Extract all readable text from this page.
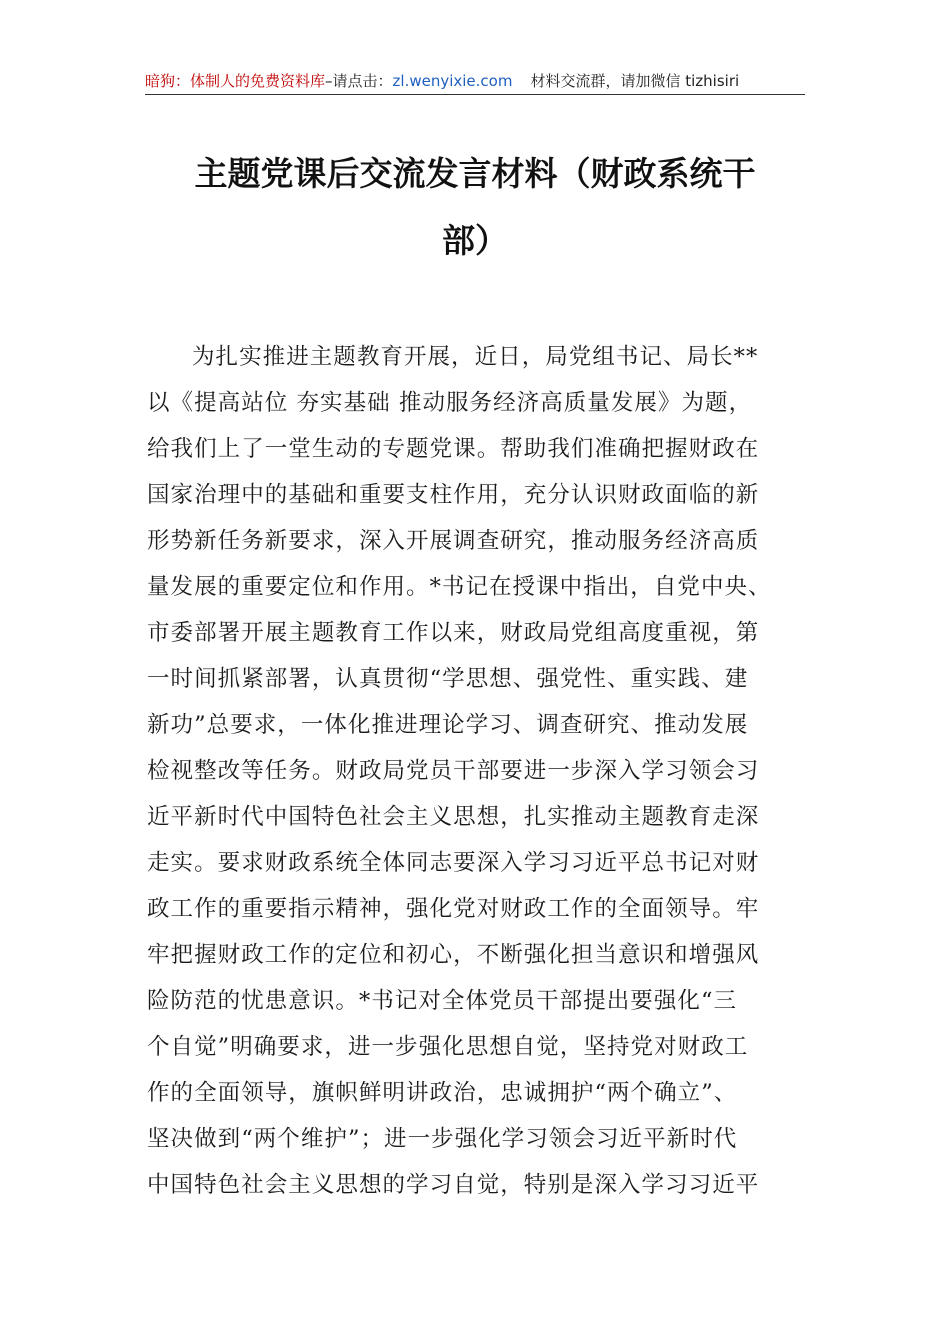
暗狗：体制人的免费资料库–请点击：zl.wenyixie.com 材料交流群，请加微信 tizhisiri
主题党课后交流发言材料（财政系统干
部）
为扎实推进主题教育开展，近日，局党组书记、局长**
以《提高站位 夯实基础 推动服务经济高质量发展》为题，
给我们上了一堂生动的专题党课。帮助我们准确把握财政在
国家治理中的基础和重要支柱作用，充分认识财政面临的新
形势新任务新要求，深入开展调查研究，推动服务经济高质
量发展的重要定位和作用。*书记在授课中指出，自党中央、
市委部署开展主题教育工作以来，财政局党组高度重视，第
一时间抓紧部署，认真贯彻“学思想、强党性、重实践、建
新功”总要求，一体化推进理论学习、调查研究、推动发展
检视整改等任务。财政局党员干部要进一步深入学习领会习
近平新时代中国特色社会主义思想，扎实推动主题教育走深
走实。要求财政系统全体同志要深入学习习近平总书记对财
政工作的重要指示精神，强化党对财政工作的全面领导。牢
牢把握财政工作的定位和初心，不断强化担当意识和增强风
险防范的忧患意识。*书记对全体党员干部提出要强化“三
个自觉”明确要求，进一步强化思想自觉，坚持党对财政工
作的全面领导，旗帜鲜明讲政治，忠诚拥护“两个确立”、
坚决做到“两个维护”；进一步强化学习领会习近平新时代
中国特色社会主义思想的学习自觉，特别是深入学习习近平
